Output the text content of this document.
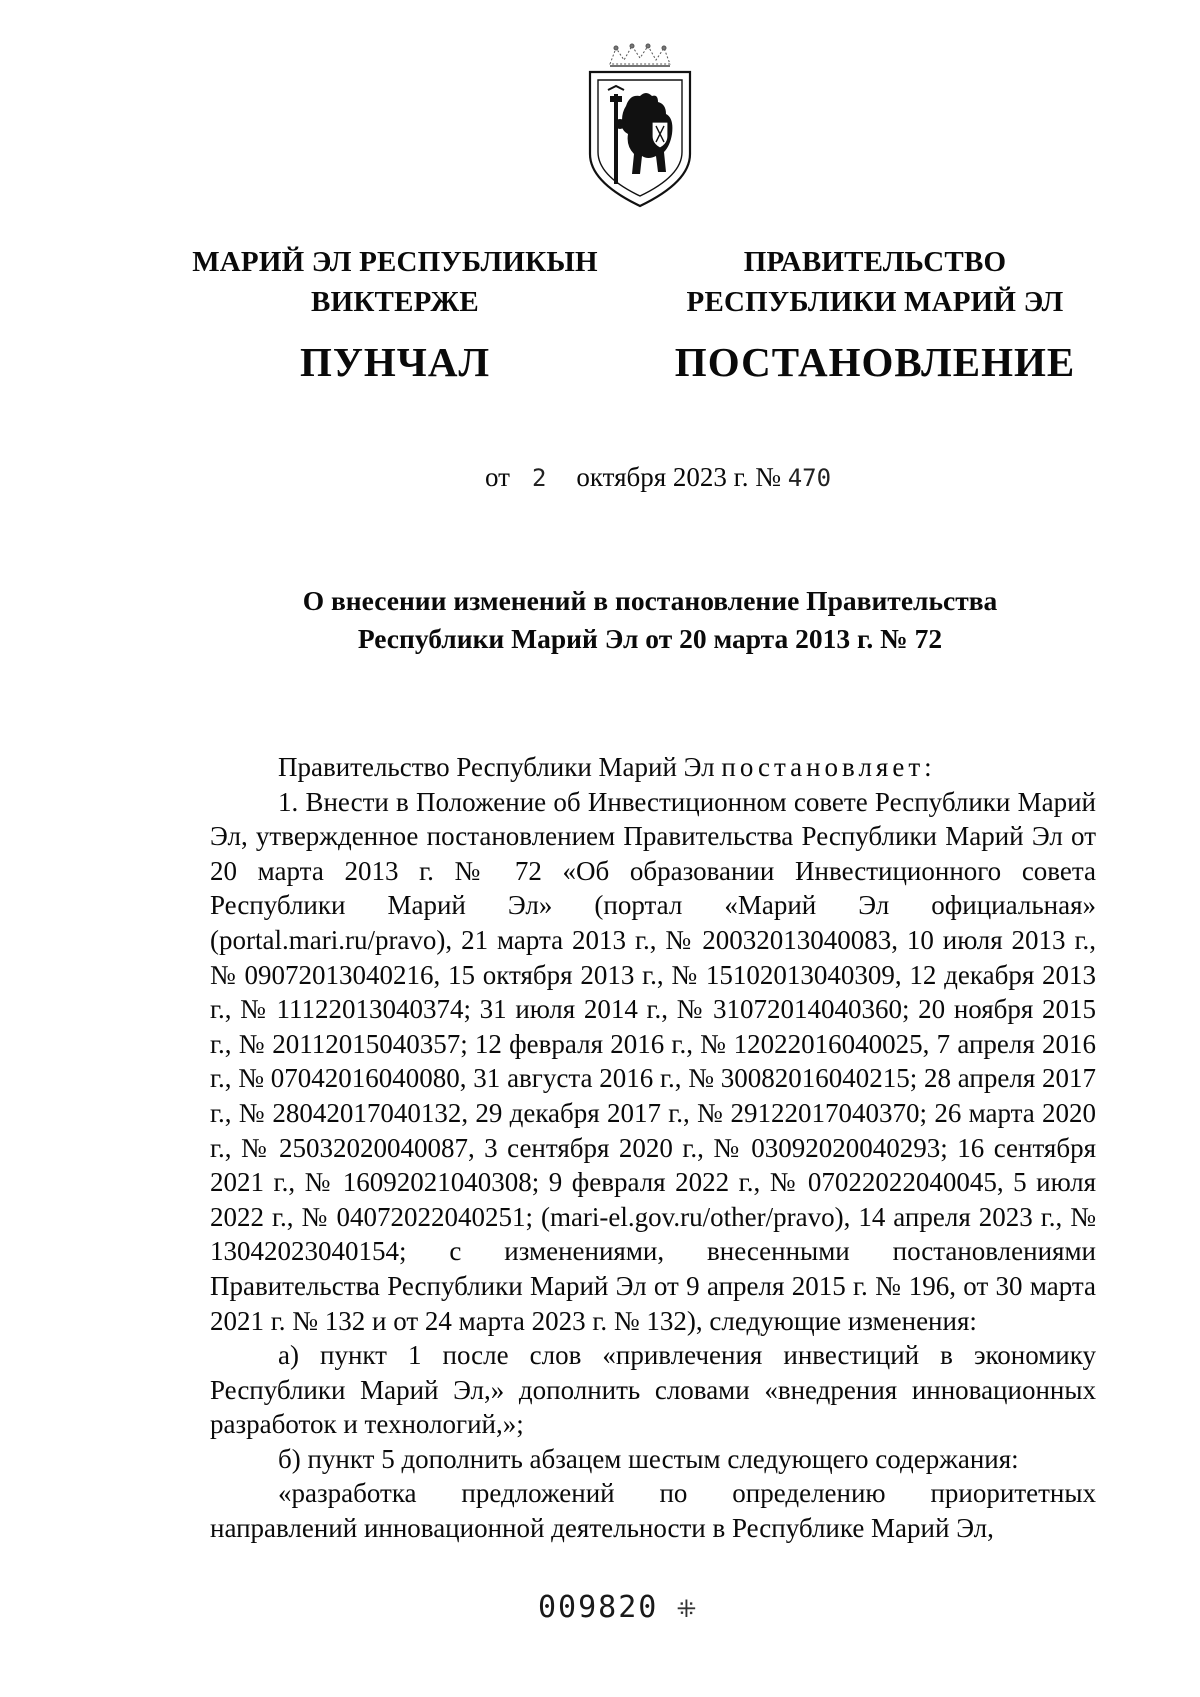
МАРИЙ ЭЛ РЕСПУБЛИКЫН
ВИКТЕРЖЕ
ПУНЧАЛ
ПРАВИТЕЛЬСТВО
РЕСПУБЛИКИ МАРИЙ ЭЛ
ПОСТАНОВЛЕНИЕ
от 2 октября 2023 г. № 470
О внесении изменений в постановление Правительства
Республики Марий Эл от 20 марта 2013 г. № 72

Правительство Республики Марий Эл постановляет:

1. Внести в Положение об Инвестиционном совете Республики Марий Эл, утвержденное постановлением Правительства Республики Марий Эл от 20 марта 2013 г. № 72 «Об образовании Инвестиционного совета Республики Марий Эл» (портал «Марий Эл официальная» (portal.mari.ru/pravo), 21 марта 2013 г., № 20032013040083, 10 июля 2013 г., № 09072013040216, 15 октября 2013 г., № 15102013040309, 12 декабря 2013 г., № 11122013040374; 31 июля 2014 г., № 31072014040360; 20 ноября 2015 г., № 20112015040357; 12 февраля 2016 г., № 12022016040025, 7 апреля 2016 г., № 07042016040080, 31 августа 2016 г., № 30082016040215; 28 апреля 2017 г., № 28042017040132, 29 декабря 2017 г., № 29122017040370; 26 марта 2020 г., № 25032020040087, 3 сентября 2020 г., № 03092020040293; 16 сентября 2021 г., № 16092021040308; 9 февраля 2022 г., № 07022022040045, 5 июля 2022 г., № 04072022040251; (mari-el.gov.ru/other/pravo), 14 апреля 2023 г., № 13042023040154; с изменениями, внесенными постановлениями Правительства Республики Марий Эл от 9 апреля 2015 г. № 196, от 30 марта 2021 г. № 132 и от 24 марта 2023 г. № 132), следующие изменения:

а) пункт 1 после слов «привлечения инвестиций в экономику Республики Марий Эл,» дополнить словами «внедрения инновационных разработок и технологий,»;

б) пункт 5 дополнить абзацем шестым следующего содержания:

«разработка предложений по определению приоритетных направлений инновационной деятельности в Республике Марий Эл,

009820 ⁜
